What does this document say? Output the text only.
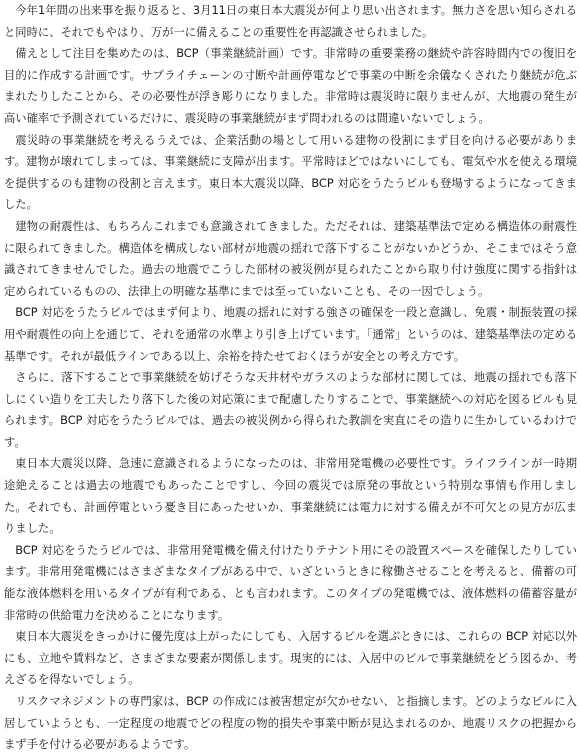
今年1年間の出来事を振り返ると、3月11日の東日本大震災が何より思い出されます。無力さを思い知らされると同時に、それでもやはり、万が一に備えることの重要性を再認識させられました。

備えとして注目を集めたのは、BCP（事業継続計画）です。非常時の重要業務の継続や許容時間内での復旧を目的に作成する計画です。サプライチェーンの寸断や計画停電などで事業の中断を余儀なくされたり継続が危ぶまれたりしたことから、その必要性が浮き彫りになりました。非常時は震災時に限りませんが、大地震の発生が高い確率で予測されているだけに、震災時の事業継続がまず問われるのは間違いないでしょう。

震災時の事業継続を考えるうえでは、企業活動の場として用いる建物の役割にまず目を向ける必要があります。建物が壊れてしまっては、事業継続に支障が出ます。平常時ほどではないにしても、電気や水を使える環境を提供するのも建物の役割と言えます。東日本大震災以降、BCP 対応をうたうビルも登場するようになってきました。

建物の耐震性は、もちろんこれまでも意識されてきました。ただそれは、建築基準法で定める構造体の耐震性に限られてきました。構造体を構成しない部材が地震の揺れで落下することがないかどうか、そこまではそう意識されてきませんでした。過去の地震でこうした部材の被災例が見られたことから取り付け強度に関する指針は定められているものの、法律上の明確な基準にまでは至っていないことも、その一因でしょう。

BCP 対応をうたうビルではまず何より、地震の揺れに対する強さの確保を一段と意識し、免震・制振装置の採用や耐震性の向上を通じて、それを通常の水準より引き上げています。「通常」というのは、建築基準法の定める基準です。それが最低ラインである以上、余裕を持たせておくほうが安全との考え方です。

さらに、落下することで事業継続を妨げそうな天井材やガラスのような部材に関しては、地震の揺れでも落下しにくい造りを工夫したり落下した後の対応策にまで配慮したりすることで、事業継続への対応を図るビルも見られます。BCP 対応をうたうビルでは、過去の被災例から得られた教訓を実直にその造りに生かしているわけです。

東日本大震災以降、急速に意識されるようになったのは、非常用発電機の必要性です。ライフラインが一時期途絶えることは過去の地震でもあったことですし、今回の震災では原発の事故という特別な事情も作用しました。それでも、計画停電という憂き目にあったせいか、事業継続には電力に対する備えが不可欠との見方が広まりました。

BCP 対応をうたうビルでは、非常用発電機を備え付けたりテナント用にその設置スペースを確保したりしています。非常用発電機にはさまざまなタイプがある中で、いざというときに稼働させることを考えると、備蓄の可能な液体燃料を用いるタイプが有利である、とも言われます。このタイプの発電機では、液体燃料の備蓄容量が非常時の供給電力を決めることになります。

東日本大震災をきっかけに優先度は上がったにしても、入居するビルを選ぶときには、これらの BCP 対応以外にも、立地や賃料など、さまざまな要素が関係します。現実的には、入居中のビルで事業継続をどう図るか、考えざるを得ないでしょう。

リスクマネジメントの専門家は、BCP の作成には被害想定が欠かせない、と指摘します。どのようなビルに入居していようとも、一定程度の地震でどの程度の物的損失や事業中断が見込まれるのか、地震リスクの把握からまず手を付ける必要があるようです。
